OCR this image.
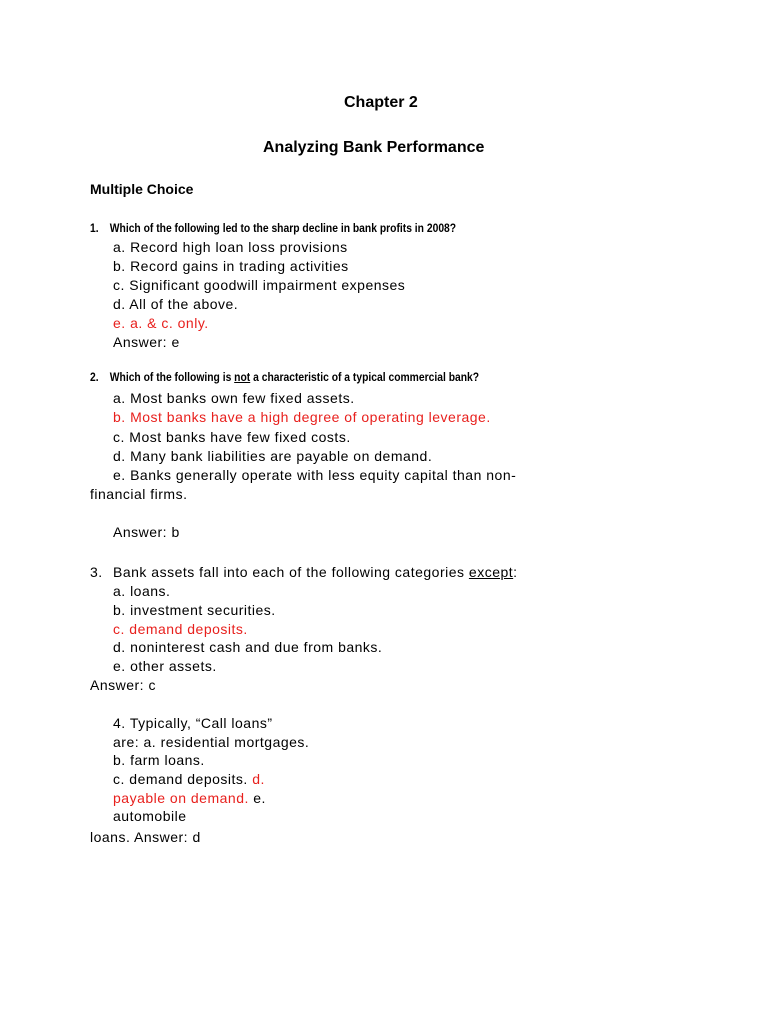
Chapter 2
Analyzing Bank Performance
Multiple Choice
1. Which of the following led to the sharp decline in bank profits in 2008?
a. Record high loan loss provisions
b. Record gains in trading activities
c. Significant goodwill impairment expenses
d. All of the above.
e. a. & c. only.
Answer: e
2. Which of the following is not a characteristic of a typical commercial bank?
a. Most banks own few fixed assets.
b. Most banks have a high degree of operating leverage.
c. Most banks have few fixed costs.
d. Many bank liabilities are payable on demand.
e. Banks generally operate with less equity capital than non-
financial firms.
Answer: b
3. Bank assets fall into each of the following categories except:
a. loans.
b. investment securities.
c. demand deposits.
d. noninterest cash and due from banks.
e. other assets.
Answer: c
4. Typically, “Call loans”
are: a. residential mortgages.
b. farm loans.
c. demand deposits. d.
payable on demand. e.
automobile
loans. Answer: d
